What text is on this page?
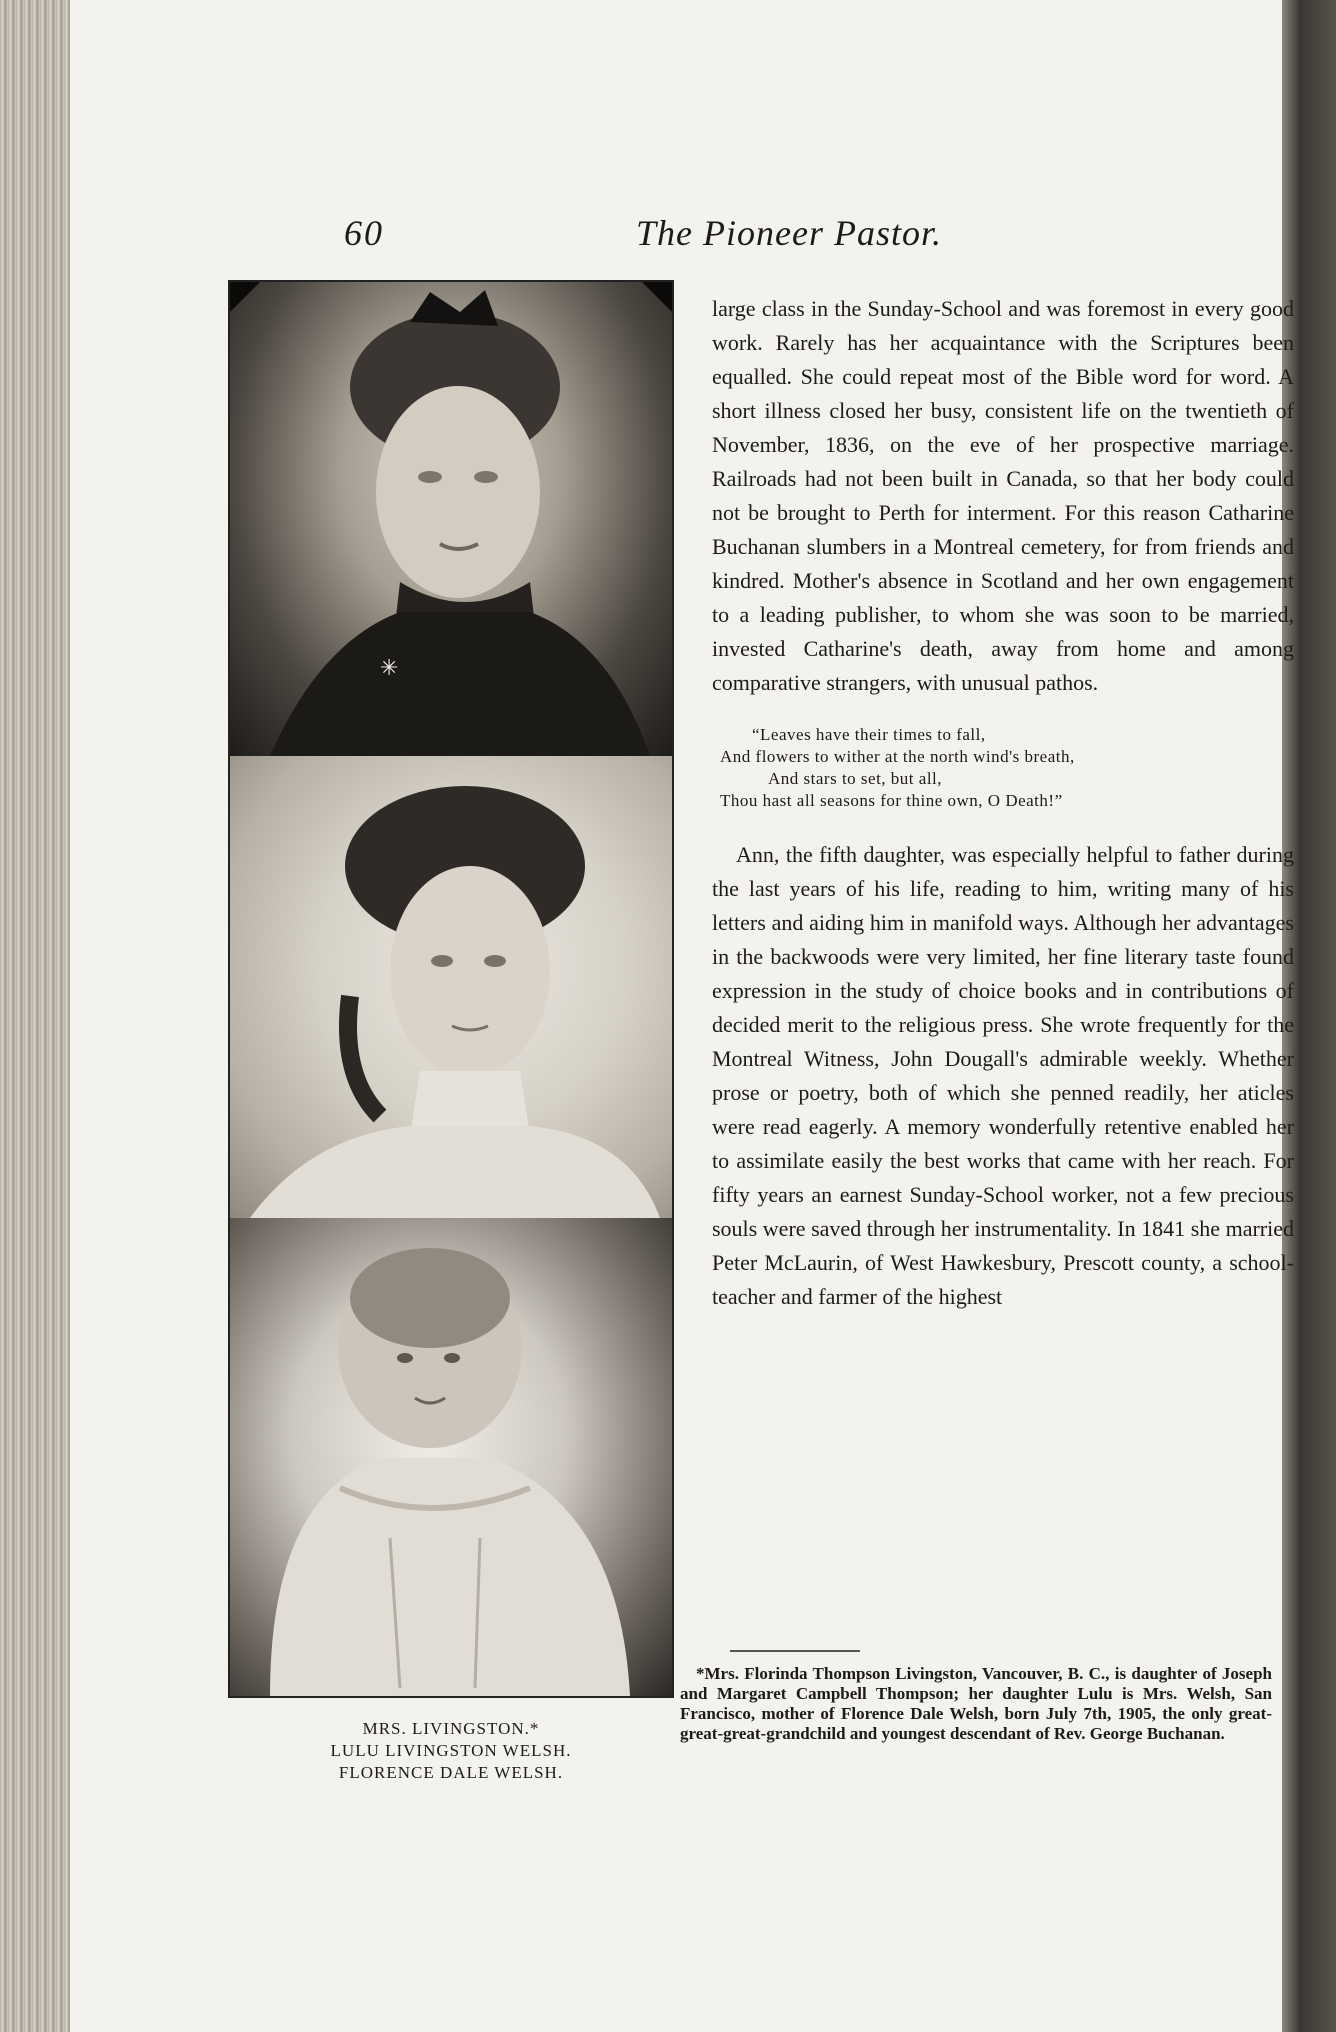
60	The Pioneer Pastor.
✳
MRS. LIVINGSTON.*
LULU LIVINGSTON WELSH.
FLORENCE DALE WELSH.

large class in the Sunday-School and was foremost in every good work. Rarely has her acquaintance with the Scriptures been equalled. She could repeat most of the Bible word for word. A short illness closed her busy, consistent life on the twentieth of November, 1836, on the eve of her prospective marriage. Railroads had not been built in Canada, so that her body could not be brought to Perth for interment. For this reason Catharine Buchanan slumbers in a Montreal cemetery, for from friends and kindred. Mother's absence in Scotland and her own engagement to a leading publisher, to whom she was soon to be married, invested Catharine's death, away from home and among comparative strangers, with unusual pathos.

“Leaves have their times to fall,
And flowers to wither at the north wind's breath,
And stars to set, but all,
Thou hast all seasons for thine own, O Death!”

Ann, the fifth daughter, was especially helpful to father during the last years of his life, reading to him, writing many of his letters and aiding him in manifold ways. Although her advantages in the backwoods were very limited, her fine literary taste found expression in the study of choice books and in contributions of decided merit to the religious press. She wrote frequently for the Montreal Witness, John Dougall's admirable weekly. Whether prose or poetry, both of which she penned readily, her aticles were read eagerly. A memory wonderfully retentive enabled her to assimilate easily the best works that came with her reach. For fifty years an earnest Sunday-School worker, not a few precious souls were saved through her instrumentality. In 1841 she married Peter McLaurin, of West Hawkesbury, Prescott county, a school-teacher and farmer of the highest

*Mrs. Florinda Thompson Livingston, Vancouver, B. C., is daughter of Joseph and Margaret Campbell Thompson; her daughter Lulu is Mrs. Welsh, San Francisco, mother of Florence Dale Welsh, born July 7th, 1905, the only great-great-great-grandchild and youngest descendant of Rev. George Buchanan.
